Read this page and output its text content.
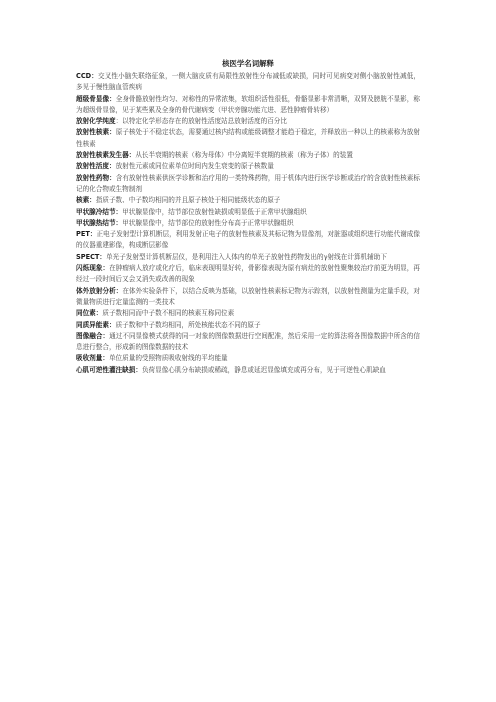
核医学名词解释

CCD：交叉性小脑失联络征象，一侧大脑皮质有局限性放射性分布减低或缺损，同时可见病变对侧小脑放射性减低，多见于慢性脑血管疾病

超级骨显像：全身骨骼放射性均匀、对称性的异常浓集，软组织活性很低，骨骼显影非常清晰，双肾及膀胱不显影，称为超级骨显像，见于某些累及全身的骨代谢病变（甲状旁腺功能亢进、恶性肿瘤骨转移）

放射化学纯度：以特定化学形态存在的放射性活度站总放射活度的百分比

放射性核素：原子核处于不稳定状态，需要通过核内结构或能级调整才能趋于稳定，并释放出一种以上的核素称为放射性核素

放射性核素发生器：从长半衰期的核素（称为母体）中分离短半衰期的核素（称为子体）的装置

放射性活度：放射性元素或同位素单位时间内发生衰变的原子核数量

放射性药物：含有放射性核素供医学诊断和治疗用的一类特殊药物，用于机体内进行医学诊断或治疗的含放射性核素标记的化合物或生物制剂

核素：指质子数、中子数均相同的并且原子核处于相同能级状态的原子

甲状腺冷结节：甲状腺显像中，结节部位放射性缺损或明显低于正常甲状腺组织

甲状腺热结节：甲状腺显像中，结节部位的放射性分布高于正常甲状腺组织

PET：正电子发射型计算机断层，利用发射正电子的放射性核素及其标记物为显像剂，对脏器或组织进行功能代谢成像的仪器重建影像，构成断层影像

SPECT：单光子发射型计算机断层仪，是利用注入人体内的单光子放射性药物发出的γ射线在计算机辅助下

闪烁现象：在肿瘤病人放疗或化疗后，临床表现明显好转，骨影像表现为原有病灶的放射性聚集较治疗前更为明显，再经过一段时间后又会又消失或改善的现象

体外放射分析：在体外实验条件下，以结合反映为基础，以放射性核素标记物为示踪剂，以放射性测量为定量手段，对微量物质进行定量监测的一类技术

同位素：质子数相同而中子数不相同的核素互称同位素

同质异能素：质子数和中子数均相同，所处核能状态不同的原子

图像融合：通过不同显像模式获得的同一对象的图像数据进行空间配准，然后采用一定的算法将各图像数据中所含的信息进行整合，形成新的图像数据的技术

吸收剂量：单位质量的受照物质吸收射线的平均能量

心肌可逆性灌注缺损：负荷显像心肌分布缺损或稀疏，静息或延迟显像填充或再分布，见于可逆性心肌缺血
